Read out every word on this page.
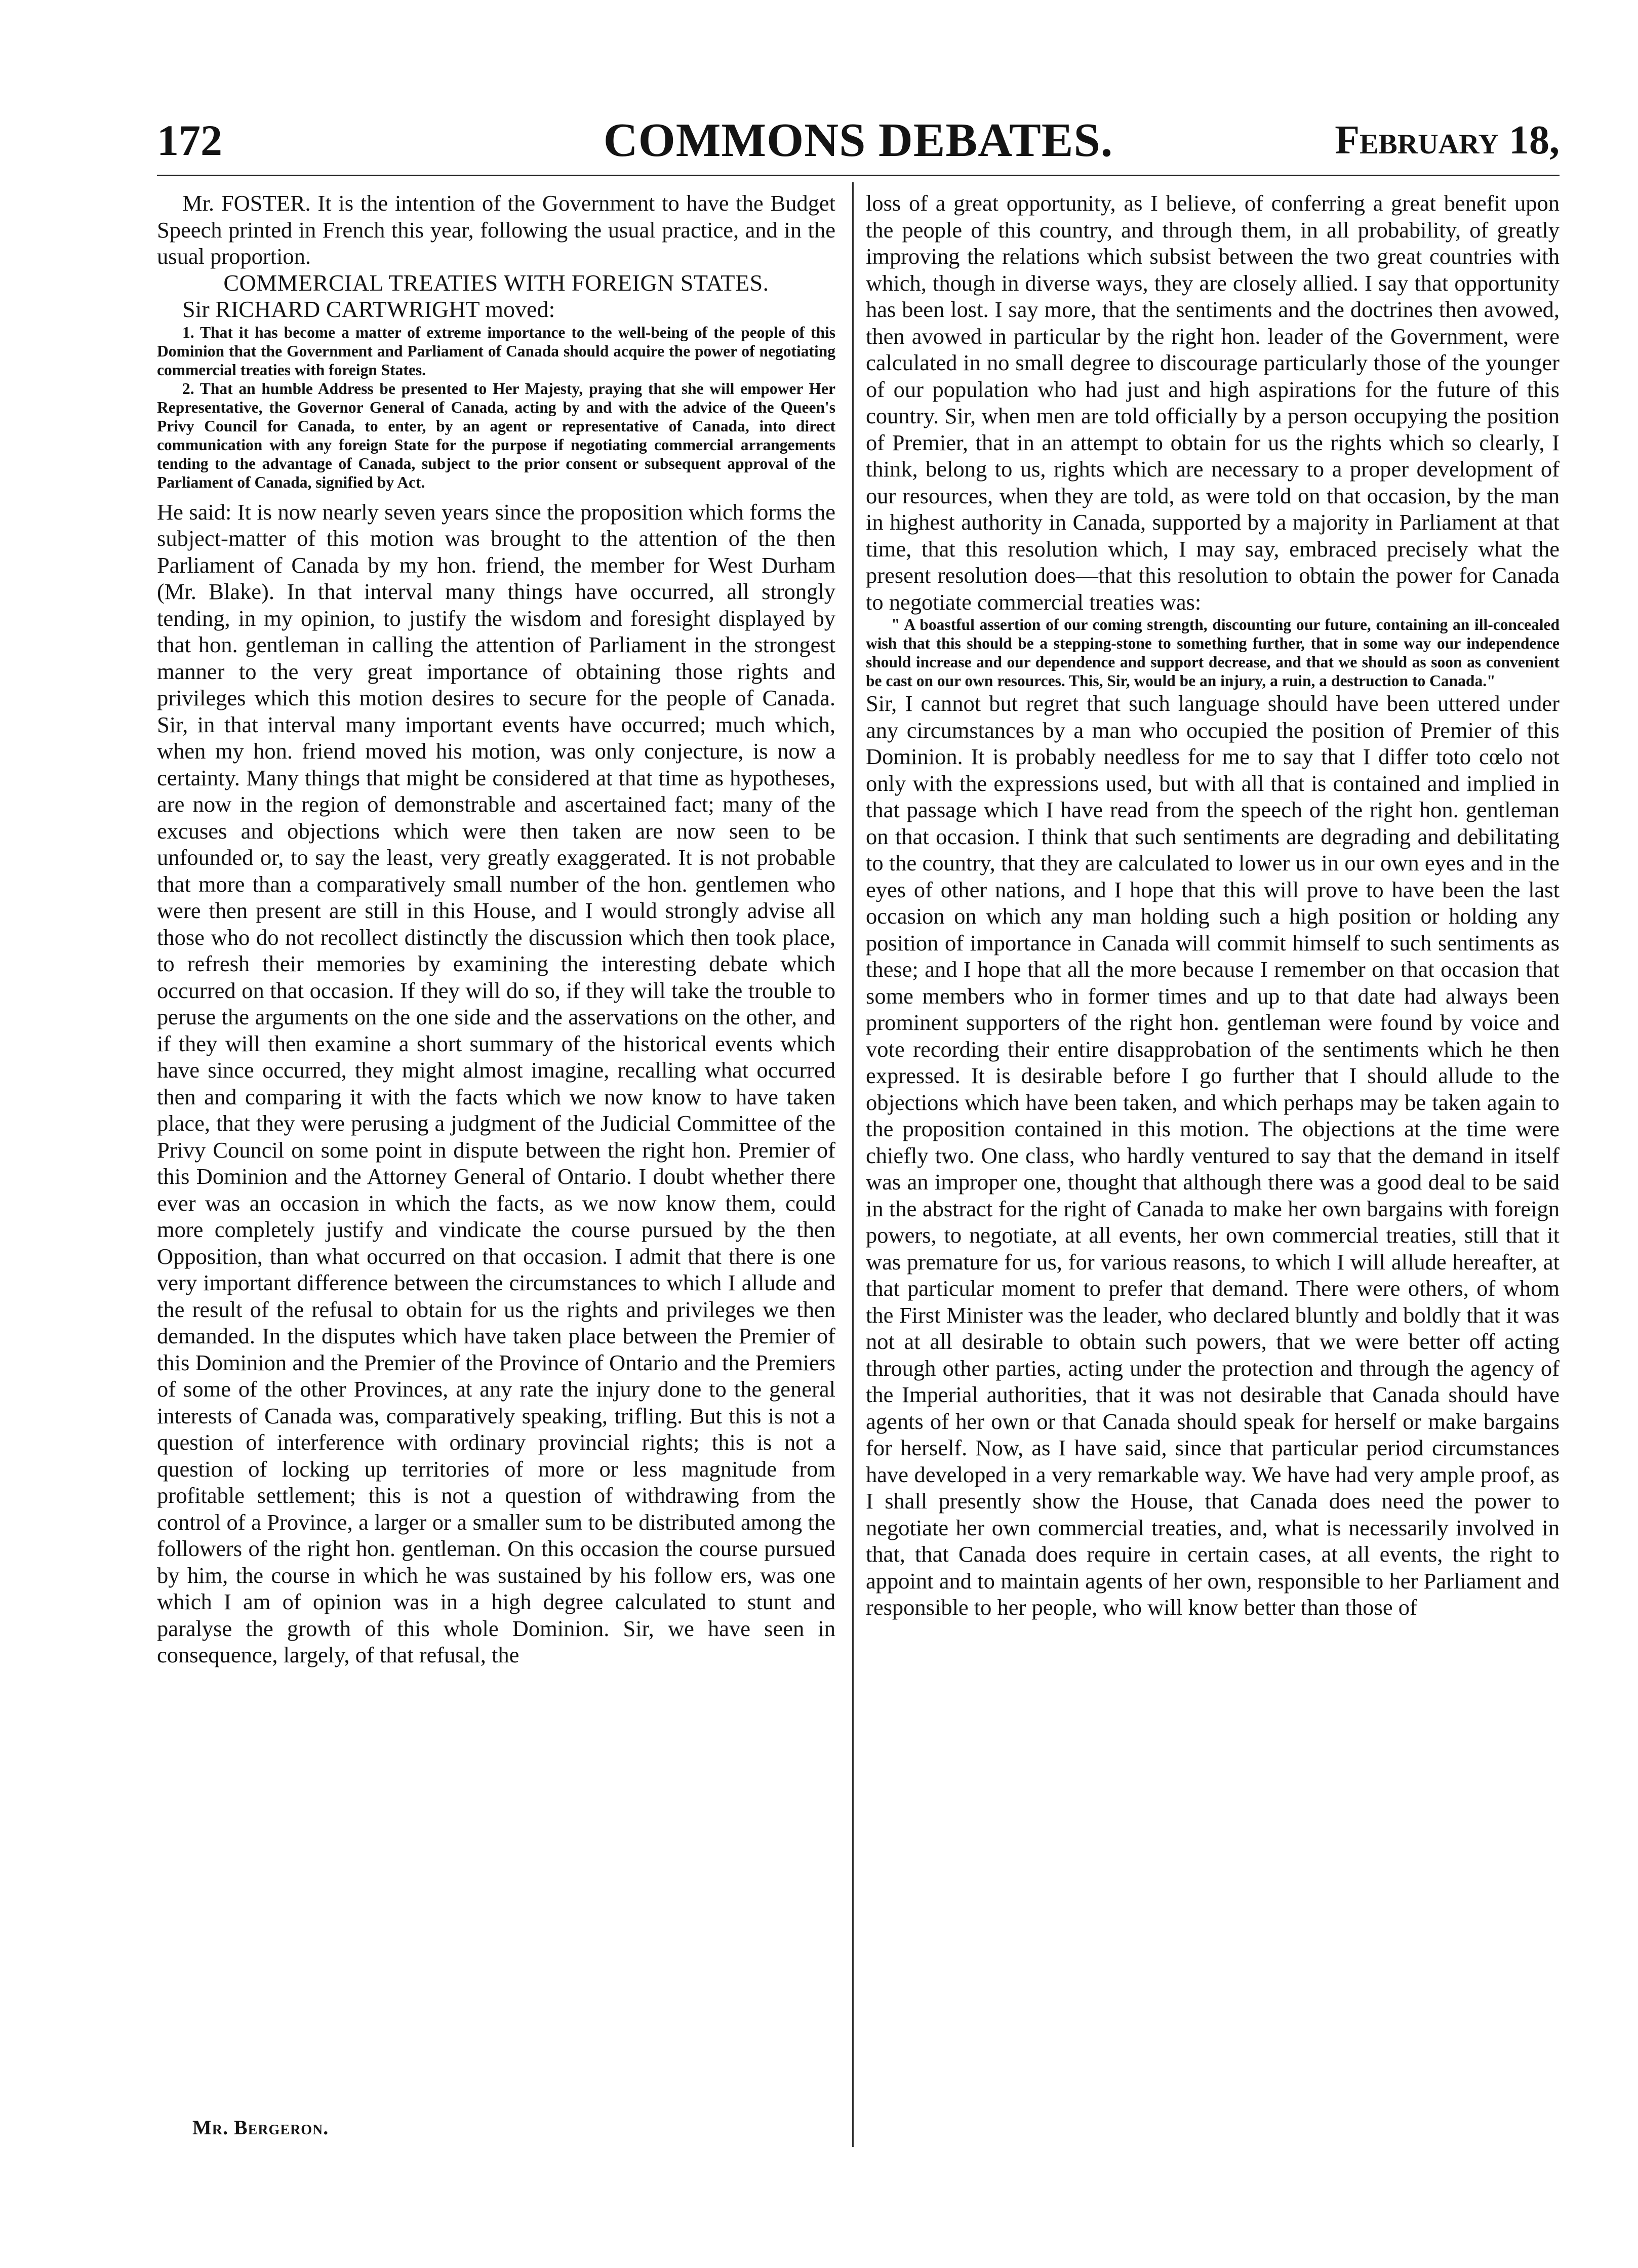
172	COMMONS DEBATES.	February 18,

Mr. FOSTER. It is the intention of the Government to have the Budget Speech printed in French this year, following the usual practice, and in the usual proportion.

COMMERCIAL TREATIES WITH FOREIGN STATES.

Sir RICHARD CARTWRIGHT moved:

1. That it has become a matter of extreme importance to the well-being of the people of this Dominion that the Government and Parliament of Canada should acquire the power of negotiating commercial treaties with foreign States.

2. That an humble Address be presented to Her Majesty, praying that she will empower Her Representative, the Governor General of Canada, acting by and with the advice of the Queen's Privy Council for Canada, to enter, by an agent or representative of Canada, into direct communication with any foreign State for the purpose if negotiating commercial arrangements tending to the advantage of Canada, subject to the prior consent or subsequent approval of the Parliament of Canada, signified by Act.

He said: It is now nearly seven years since the proposition which forms the subject-matter of this motion was brought to the attention of the then Parliament of Canada by my hon. friend, the member for West Durham (Mr. Blake). In that interval many things have occurred, all strongly tending, in my opinion, to justify the wisdom and foresight displayed by that hon. gentleman in calling the attention of Parliament in the strongest manner to the very great importance of obtaining those rights and privileges which this motion desires to secure for the people of Canada. Sir, in that interval many important events have occurred; much which, when my hon. friend moved his motion, was only conjecture, is now a certainty. Many things that might be considered at that time as hypotheses, are now in the region of demonstrable and ascertained fact; many of the excuses and objections which were then taken are now seen to be unfounded or, to say the least, very greatly exaggerated. It is not probable that more than a comparatively small number of the hon. gentlemen who were then present are still in this House, and I would strongly advise all those who do not recollect distinctly the discussion which then took place, to refresh their memories by examining the interesting debate which occurred on that occasion. If they will do so, if they will take the trouble to peruse the arguments on the one side and the asservations on the other, and if they will then examine a short summary of the historical events which have since occurred, they might almost imagine, recalling what occurred then and comparing it with the facts which we now know to have taken place, that they were perusing a judgment of the Judicial Committee of the Privy Council on some point in dispute between the right hon. Premier of this Dominion and the Attorney General of Ontario. I doubt whether there ever was an occasion in which the facts, as we now know them, could more completely justify and vindicate the course pursued by the then Opposition, than what occurred on that occasion. I admit that there is one very important difference between the circumstances to which I allude and the result of the refusal to obtain for us the rights and privileges we then demanded. In the disputes which have taken place between the Premier of this Dominion and the Premier of the Province of Ontario and the Premiers of some of the other Provinces, at any rate the injury done to the general interests of Canada was, comparatively speaking, trifling. But this is not a question of interference with ordinary provincial rights; this is not a question of locking up territories of more or less magnitude from profitable settlement; this is not a question of withdrawing from the control of a Province, a larger or a smaller sum to be distributed among the followers of the right hon. gentleman. On this occasion the course pursued by him, the course in which he was sustained by his follow ers, was one which I am of opinion was in a high degree calculated to stunt and paralyse the growth of this whole Dominion. Sir, we have seen in consequence, largely, of that refusal, the

loss of a great opportunity, as I believe, of conferring a great benefit upon the people of this country, and through them, in all probability, of greatly improving the relations which subsist between the two great countries with which, though in diverse ways, they are closely allied. I say that opportunity has been lost. I say more, that the sentiments and the doctrines then avowed, then avowed in particular by the right hon. leader of the Government, were calculated in no small degree to discourage particularly those of the younger of our population who had just and high aspirations for the future of this country. Sir, when men are told officially by a person occupying the position of Premier, that in an attempt to obtain for us the rights which so clearly, I think, belong to us, rights which are necessary to a proper development of our resources, when they are told, as were told on that occasion, by the man in highest authority in Canada, supported by a majority in Parliament at that time, that this resolution which, I may say, embraced precisely what the present resolution does—that this resolution to obtain the power for Canada to negotiate commercial treaties was:

" A boastful assertion of our coming strength, discounting our future, containing an ill-concealed wish that this should be a stepping-stone to something further, that in some way our independence should increase and our dependence and support decrease, and that we should as soon as convenient be cast on our own resources. This, Sir, would be an injury, a ruin, a destruction to Canada."

Sir, I cannot but regret that such language should have been uttered under any circumstances by a man who occupied the position of Premier of this Dominion. It is probably needless for me to say that I differ toto cœlo not only with the expressions used, but with all that is contained and implied in that passage which I have read from the speech of the right hon. gentleman on that occasion. I think that such sentiments are degrading and debilitating to the country, that they are calculated to lower us in our own eyes and in the eyes of other nations, and I hope that this will prove to have been the last occasion on which any man holding such a high position or holding any position of importance in Canada will commit himself to such sentiments as these; and I hope that all the more because I remember on that occasion that some members who in former times and up to that date had always been prominent supporters of the right hon. gentleman were found by voice and vote recording their entire disapprobation of the sentiments which he then expressed. It is desirable before I go further that I should allude to the objections which have been taken, and which perhaps may be taken again to the proposition contained in this motion. The objections at the time were chiefly two. One class, who hardly ventured to say that the demand in itself was an improper one, thought that although there was a good deal to be said in the abstract for the right of Canada to make her own bargains with foreign powers, to negotiate, at all events, her own commercial treaties, still that it was premature for us, for various reasons, to which I will allude hereafter, at that particular moment to prefer that demand. There were others, of whom the First Minister was the leader, who declared bluntly and boldly that it was not at all desirable to obtain such powers, that we were better off acting through other parties, acting under the protection and through the agency of the Imperial authorities, that it was not desirable that Canada should have agents of her own or that Canada should speak for herself or make bargains for herself. Now, as I have said, since that particular period circumstances have developed in a very remarkable way. We have had very ample proof, as I shall presently show the House, that Canada does need the power to negotiate her own commercial treaties, and, what is necessarily involved in that, that Canada does require in certain cases, at all events, the right to appoint and to maintain agents of her own, responsible to her Parliament and responsible to her people, who will know better than those of

Mr. Bergeron.
